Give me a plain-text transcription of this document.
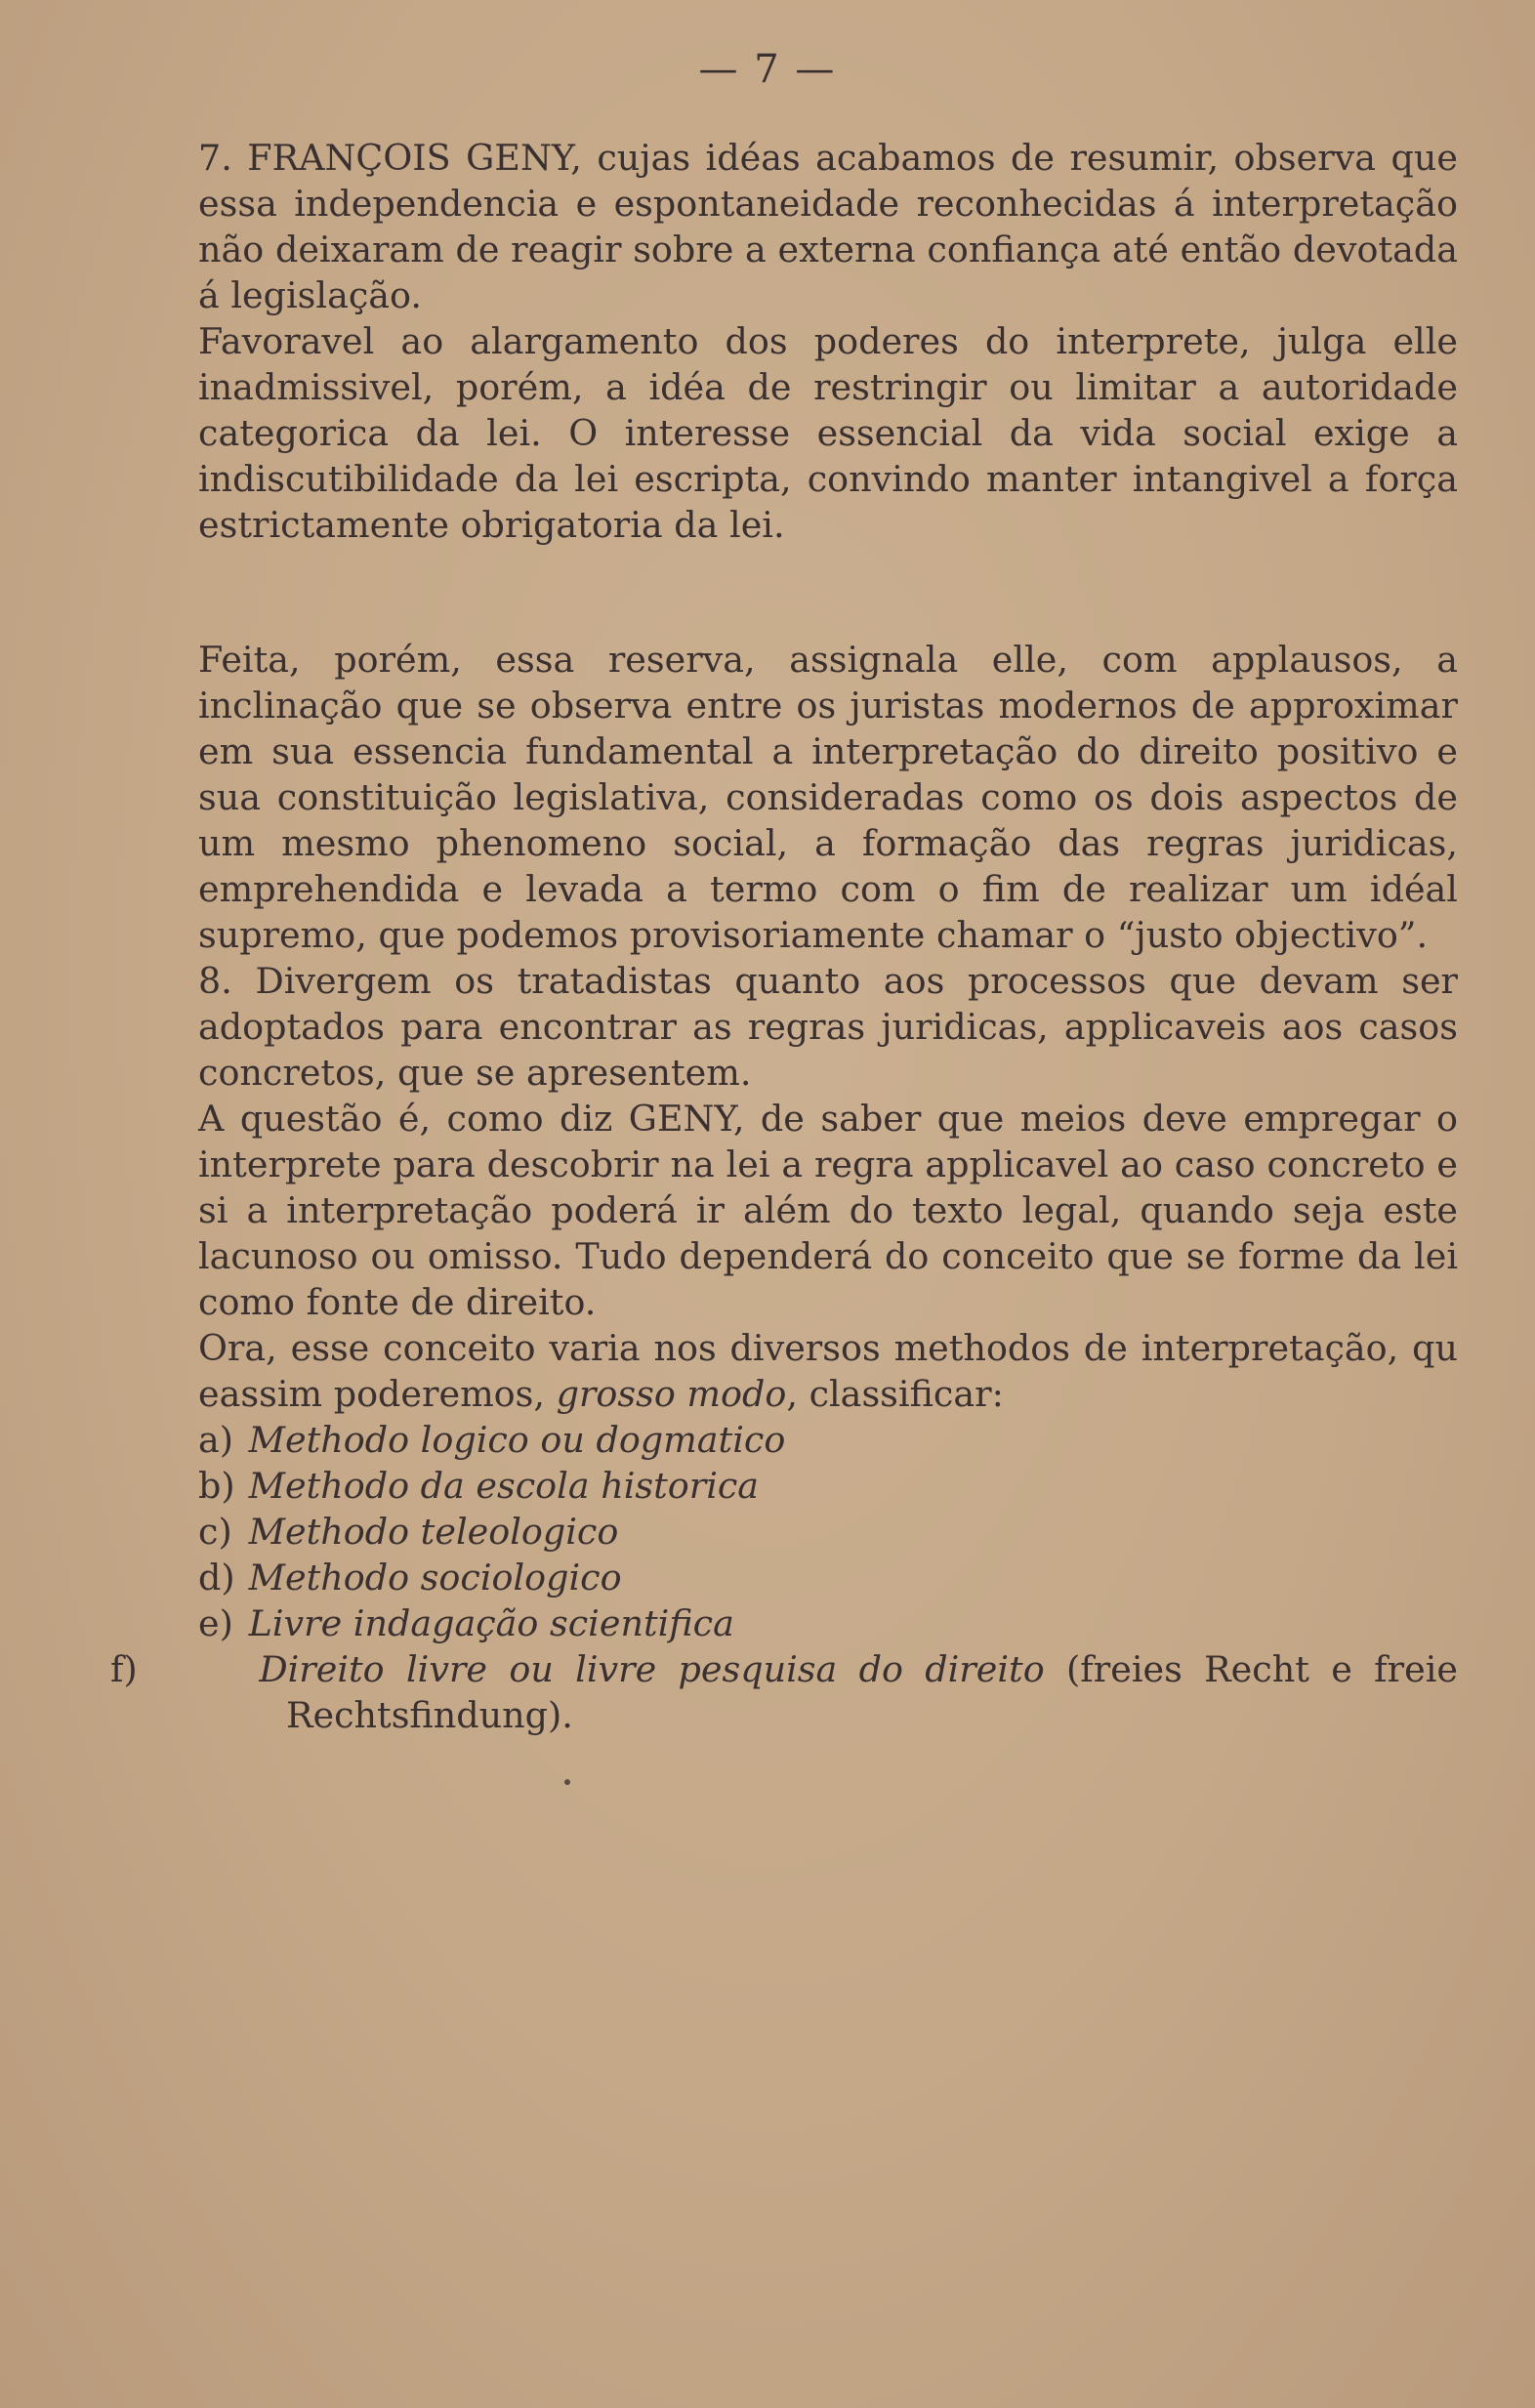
— 7 —

7. FRANÇOIS GENY, cujas idéas acabamos de resumir, observa que essa independencia e espontaneidade reconhecidas á interpretação não deixaram de reagir sobre a externa confiança até então devotada á legislação.

Favoravel ao alargamento dos poderes do interprete, julga elle inadmissivel, porém, a idéa de restringir ou limitar a autoridade categorica da lei. O interesse essencial da vida social exige a indiscutibilidade da lei escripta, convindo manter intangivel a força estrictamente obrigatoria da lei.

Feita, porém, essa reserva, assignala elle, com applausos, a inclinação que se observa entre os juristas modernos de approximar em sua essencia fundamental a interpretação do direito positivo e sua constituição legislativa, consideradas como os dois aspectos de um mesmo phenomeno social, a formação das regras juridicas, emprehendida e levada a termo com o fim de realizar um idéal supremo, que podemos provisoriamente chamar o “justo objectivo”.

8. Divergem os tratadistas quanto aos processos que devam ser adoptados para encontrar as regras juridicas, applicaveis aos casos concretos, que se apresentem.

A questão é, como diz GENY, de saber que meios deve empregar o interprete para descobrir na lei a regra applicavel ao caso concreto e si a interpretação poderá ir além do texto legal, quando seja este lacunoso ou omisso. Tudo dependerá do conceito que se forme da lei como fonte de direito.

Ora, esse conceito varia nos diversos methodos de interpretação, qu eassim poderemos, grosso modo, classificar:

a) Methodo logico ou dogmatico

b) Methodo da escola historica

c) Methodo teleologico

d) Methodo sociologico

e) Livre indagação scientifica

f)	Direito livre ou livre pesquisa do direito (freies Recht e freie Rechtsfindung).
